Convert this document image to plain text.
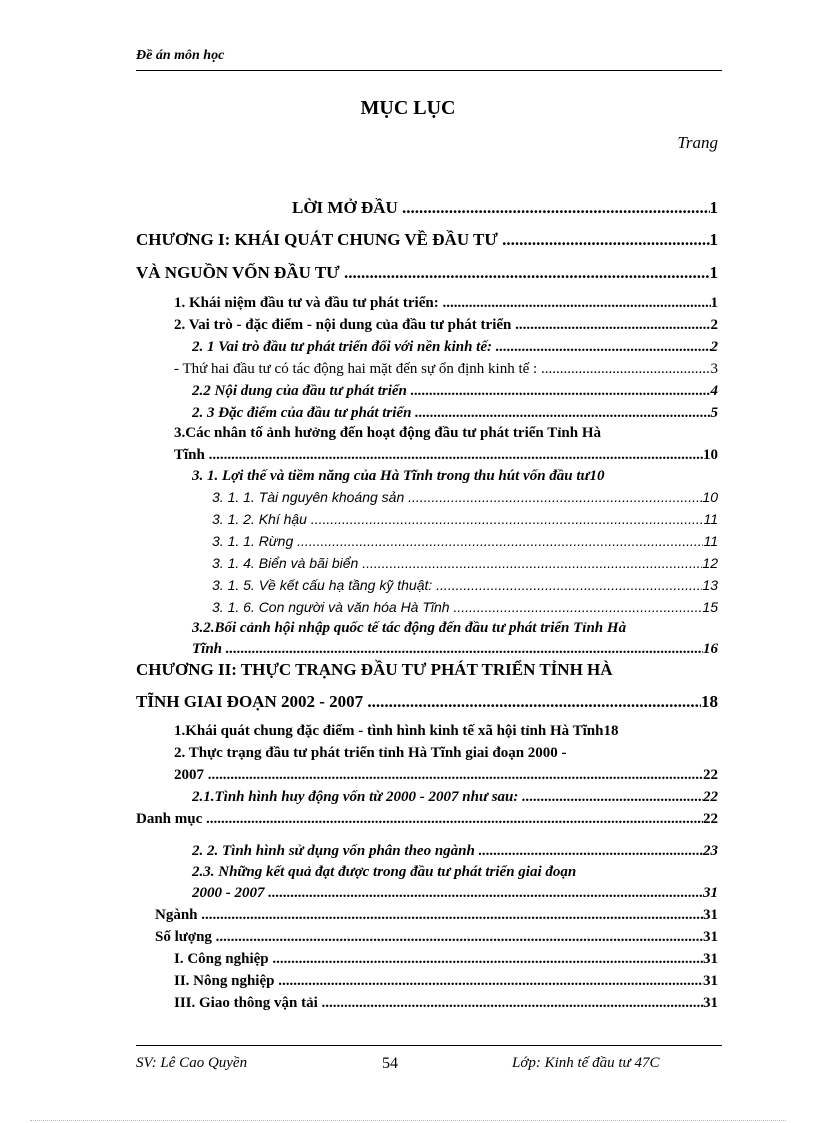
Đề án môn học
MỤC LỤC
Trang
LỜI MỞ ĐẦU .....	1
CHƯƠNG I: KHÁI QUÁT CHUNG VỀ ĐẦU TƯ .....	1
VÀ NGUỒN VỐN ĐẦU TƯ .....	1
1. Khái niệm đầu tư và đầu tư phát triển: .....	1
2. Vai trò - đặc điểm - nội dung của đầu tư phát triển .....	2
2. 1 Vai trò đầu tư phát triển đối với nền kinh tế: .....	2
- Thứ hai đầu tư có tác động hai mặt đến sự ổn định kinh tế : .....	3
2.2 Nội dung của đầu tư phát triển .....	4
2. 3 Đặc điểm của đầu tư phát triển .....	5
3.Các nhân tố ảnh hưởng đến hoạt động đầu tư phát triển Tỉnh Hà
Tĩnh .....	10
3. 1. Lợi thế và tiềm năng của Hà Tĩnh trong thu hút vốn đầu tư 10
3. 1. 1. Tài nguyên khoáng sản .....	10
3. 1. 2. Khí hậu .....	11
3. 1. 1. Rừng .....	11
3. 1. 4. Biển và bãi biển .....	12
3. 1. 5. Về kết cấu hạ tầng kỹ thuật: .....	13
3. 1. 6. Con người và văn hóa Hà Tĩnh .....	15
3.2.Bối cảnh hội nhập quốc tế tác động đến đầu tư phát triển Tỉnh Hà
Tĩnh .....	16
CHƯƠNG II: THỰC TRẠNG ĐẦU TƯ PHÁT TRIỂN TỈNH HÀ
TĨNH GIAI ĐOẠN 2002 - 2007 .....	18
1.Khái quát chung đặc điểm - tình hình kinh tế xã hội tỉnh Hà Tĩnh 18
2. Thực trạng đầu tư phát triển tỉnh Hà Tĩnh giai đoạn 2000 -
2007 .....	22
2.1.Tình hình huy động vốn từ 2000 - 2007 như sau: .....	22
Danh mục .....	22
2. 2. Tình hình sử dụng vốn phân theo ngành .....	23
2.3. Những kết quả đạt được trong đầu tư phát triển giai đoạn
2000 - 2007 .....	31
Ngành .....	31
Số lượng .....	31
I. Công nghiệp .....	31
II. Nông nghiệp .....	31
III. Giao thông vận tải .....	31
SV: Lê Cao Quyền	54	Lớp: Kinh tế đầu tư 47C
